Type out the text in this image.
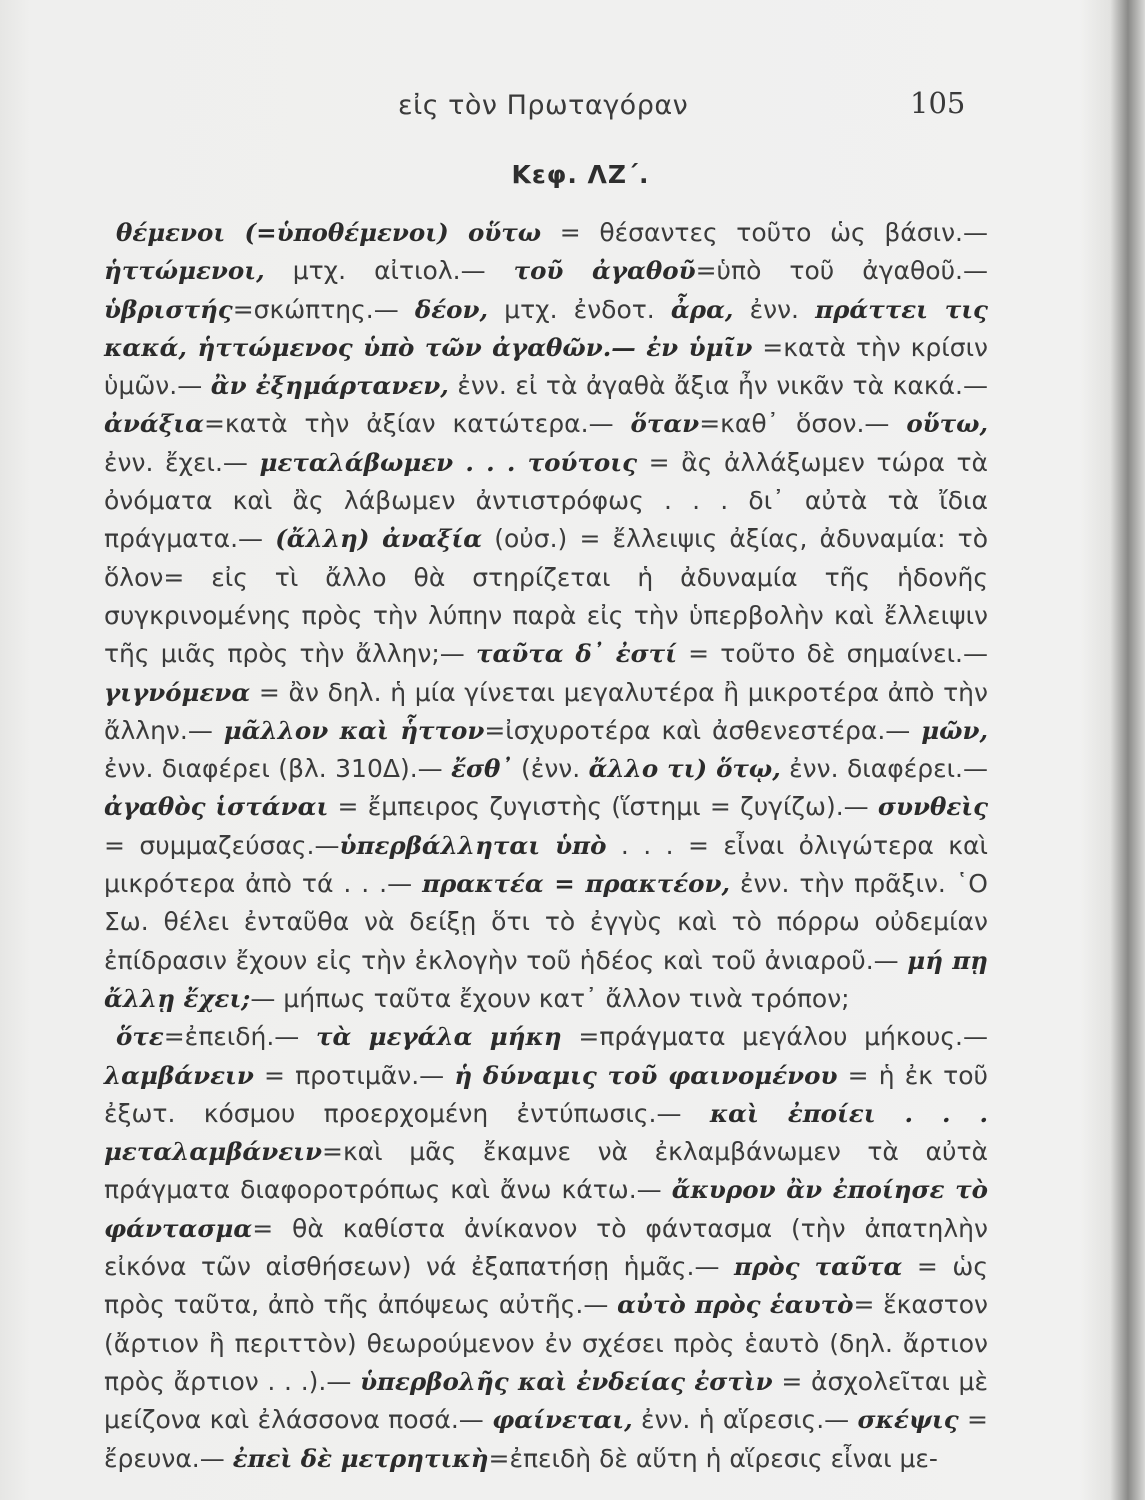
εἰς τὸν Πρωταγόραν	105
Κεφ. ΛΖ΄.

θέμενοι (=ὑποθέμενοι) οὕτω = θέσαντες τοῦτο ὡς βάσιν.— ἡττώμενοι, μτχ. αἰτιολ.— τοῦ ἀγαθοῦ=ὑπὸ τοῦ ἀγαθοῦ.— ὑβριστής=σκώπτης.— δέον, μτχ. ἐνδοτ. ἆρα, ἐνν. πράττει τις κακά, ἡττώμενος ὑπὸ τῶν ἀγαθῶν.— ἐν ὑμῖν =κατὰ τὴν κρίσιν ὑμῶν.— ἂν ἐξημάρτανεν, ἐνν. εἰ τὰ ἀγαθὰ ἄξια ἦν νικᾶν τὰ κακά.— ἀνάξια=κατὰ τὴν ἀξίαν κατώτερα.— ὅταν=καθ᾽ ὅσον.— οὕτω, ἐνν. ἔχει.— μεταλάβωμεν . . . τούτοις = ἂς ἀλλάξωμεν τώρα τὰ ὀνόματα καὶ ἂς λάβωμεν ἀντιστρόφως . . . δι᾽ αὐτὰ τὰ ἴδια πράγματα.— (ἄλλη) ἀναξία (οὐσ.) = ἔλλειψις ἀξίας, ἀδυναμία: τὸ ὅλον= εἰς τὶ ἄλλο θὰ στηρίζεται ἡ ἀδυναμία τῆς ἡδονῆς συγκρινομένης πρὸς τὴν λύπην παρὰ εἰς τὴν ὑπερβολὴν καὶ ἔλλειψιν τῆς μιᾶς πρὸς τὴν ἄλλην;— ταῦτα δ᾽ ἐστί = τοῦτο δὲ σημαίνει.— γιγνόμενα = ἂν δηλ. ἡ μία γίνεται μεγαλυτέρα ἢ μικροτέρα ἀπὸ τὴν ἄλλην.— μᾶλλον καὶ ἧττον=ἰσχυροτέρα καὶ ἀσθενεστέρα.— μῶν, ἐνν. διαφέρει (βλ. 310Δ).— ἔσθ᾽ (ἐνν. ἄλλο τι) ὅτῳ, ἐνν. διαφέρει.— ἀγαθὸς ἱστάναι = ἔμπειρος ζυγιστὴς (ἵστημι = ζυγίζω).— συνθεὶς = συμμαζεύσας.—ὑπερβάλληται ὑπὸ . . . = εἶναι ὀλιγώτερα καὶ μικρότερα ἀπὸ τά . . .— πρακτέα = πρακτέον, ἐνν. τὴν πρᾶξιν. ῾Ο Σω. θέλει ἐνταῦθα νὰ δείξῃ ὅτι τὸ ἐγγὺς καὶ τὸ πόρρω οὐδεμίαν ἐπίδρασιν ἔχουν εἰς τὴν ἐκλογὴν τοῦ ἡδέος καὶ τοῦ ἀνιαροῦ.— μή πῃ ἄλλῃ ἔχει;— μήπως ταῦτα ἔχουν κατ᾽ ἄλλον τινὰ τρόπον;

ὅτε=ἐπειδή.— τὰ μεγάλα μήκη =πράγματα μεγάλου μήκους.— λαμβάνειν = προτιμᾶν.— ἡ δύναμις τοῦ φαινομένου = ἡ ἐκ τοῦ ἐξωτ. κόσμου προερχομένη ἐντύπωσις.— καὶ ἐποίει . . . μεταλαμβάνειν=καὶ μᾶς ἔκαμνε νὰ ἐκλαμβάνωμεν τὰ αὐτὰ πράγματα διαφοροτρόπως καὶ ἄνω κάτω.— ἄκυρον ἂν ἐποίησε τὸ φάντασμα= θὰ καθίστα ἀνίκανον τὸ φάντασμα (τὴν ἀπατηλὴν εἰκόνα τῶν αἰσθήσεων) νά ἐξαπατήσῃ ἡμᾶς.— πρὸς ταῦτα = ὡς πρὸς ταῦτα, ἀπὸ τῆς ἀπόψεως αὐτῆς.— αὐτὸ πρὸς ἑαυτὸ= ἕκαστον (ἄρτιον ἢ περιττὸν) θεωρούμενον ἐν σχέσει πρὸς ἑαυτὸ (δηλ. ἄρτιον πρὸς ἄρτιον . . .).— ὑπερβολῆς καὶ ἐνδείας ἐστὶν = ἀσχολεῖται μὲ μείζονα καὶ ἐλάσσονα ποσά.— φαίνεται, ἐνν. ἡ αἵρεσις.— σκέψις = ἔρευνα.— ἐπεὶ δὲ μετρητικὴ=ἐπειδὴ δὲ αὕτη ἡ αἵρεσις εἶναι με-
